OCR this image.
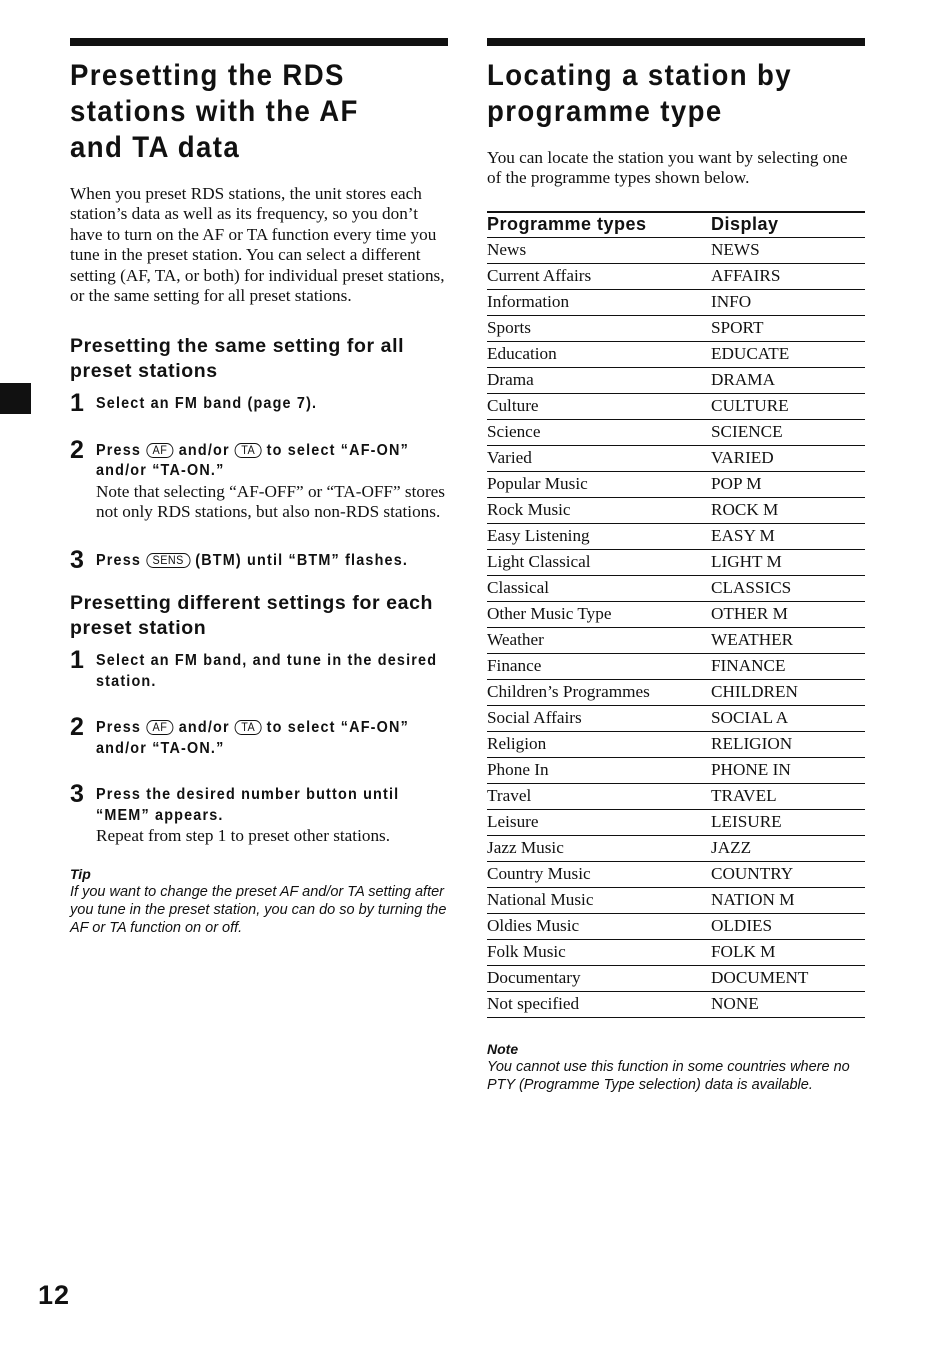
Presetting the RDS stations with the AF and TA data

When you preset RDS stations, the unit stores each station’s data as well as its frequency, so you don’t have to turn on the AF or TA function every time you tune in the preset station. You can select a different setting (AF, TA, or both) for individual preset stations, or the same setting for all preset stations.

Presetting the same setting for all preset stations
1 Select an FM band (page 7).
2 Press AF and/or TA to select “AF-ON”
and/or “TA-ON.”
Note that selecting “AF-OFF” or “TA-OFF” stores not only RDS stations, but also non-RDS stations.
3 Press SENS (BTM) until “BTM” flashes.
Presetting different settings for each preset station
1 Select an FM band, and tune in the desired station.
2 Press AF and/or TA to select “AF-ON”
and/or “TA-ON.”
3 Press the desired number button until “MEM” appears.
Repeat from step 1 to preset other stations.
Tip
If you want to change the preset AF and/or TA setting after you tune in the preset station, you can do so by turning the AF or TA function on or off.
Locating a station by programme type

You can locate the station you want by selecting one of the programme types shown below.

Programme types	Display
News	NEWS
Current Affairs	AFFAIRS
Information	INFO
Sports	SPORT
Education	EDUCATE
Drama	DRAMA
Culture	CULTURE
Science	SCIENCE
Varied	VARIED
Popular Music	POP M
Rock Music	ROCK M
Easy Listening	EASY M
Light Classical	LIGHT M
Classical	CLASSICS
Other Music Type	OTHER M
Weather	WEATHER
Finance	FINANCE
Children’s Programmes	CHILDREN
Social Affairs	SOCIAL A
Religion	RELIGION
Phone In	PHONE IN
Travel	TRAVEL
Leisure	LEISURE
Jazz Music	JAZZ
Country Music	COUNTRY
National Music	NATION M
Oldies Music	OLDIES
Folk Music	FOLK M
Documentary	DOCUMENT
Not specified	NONE
Note
You cannot use this function in some countries where no PTY (Programme Type selection) data is available.
12
